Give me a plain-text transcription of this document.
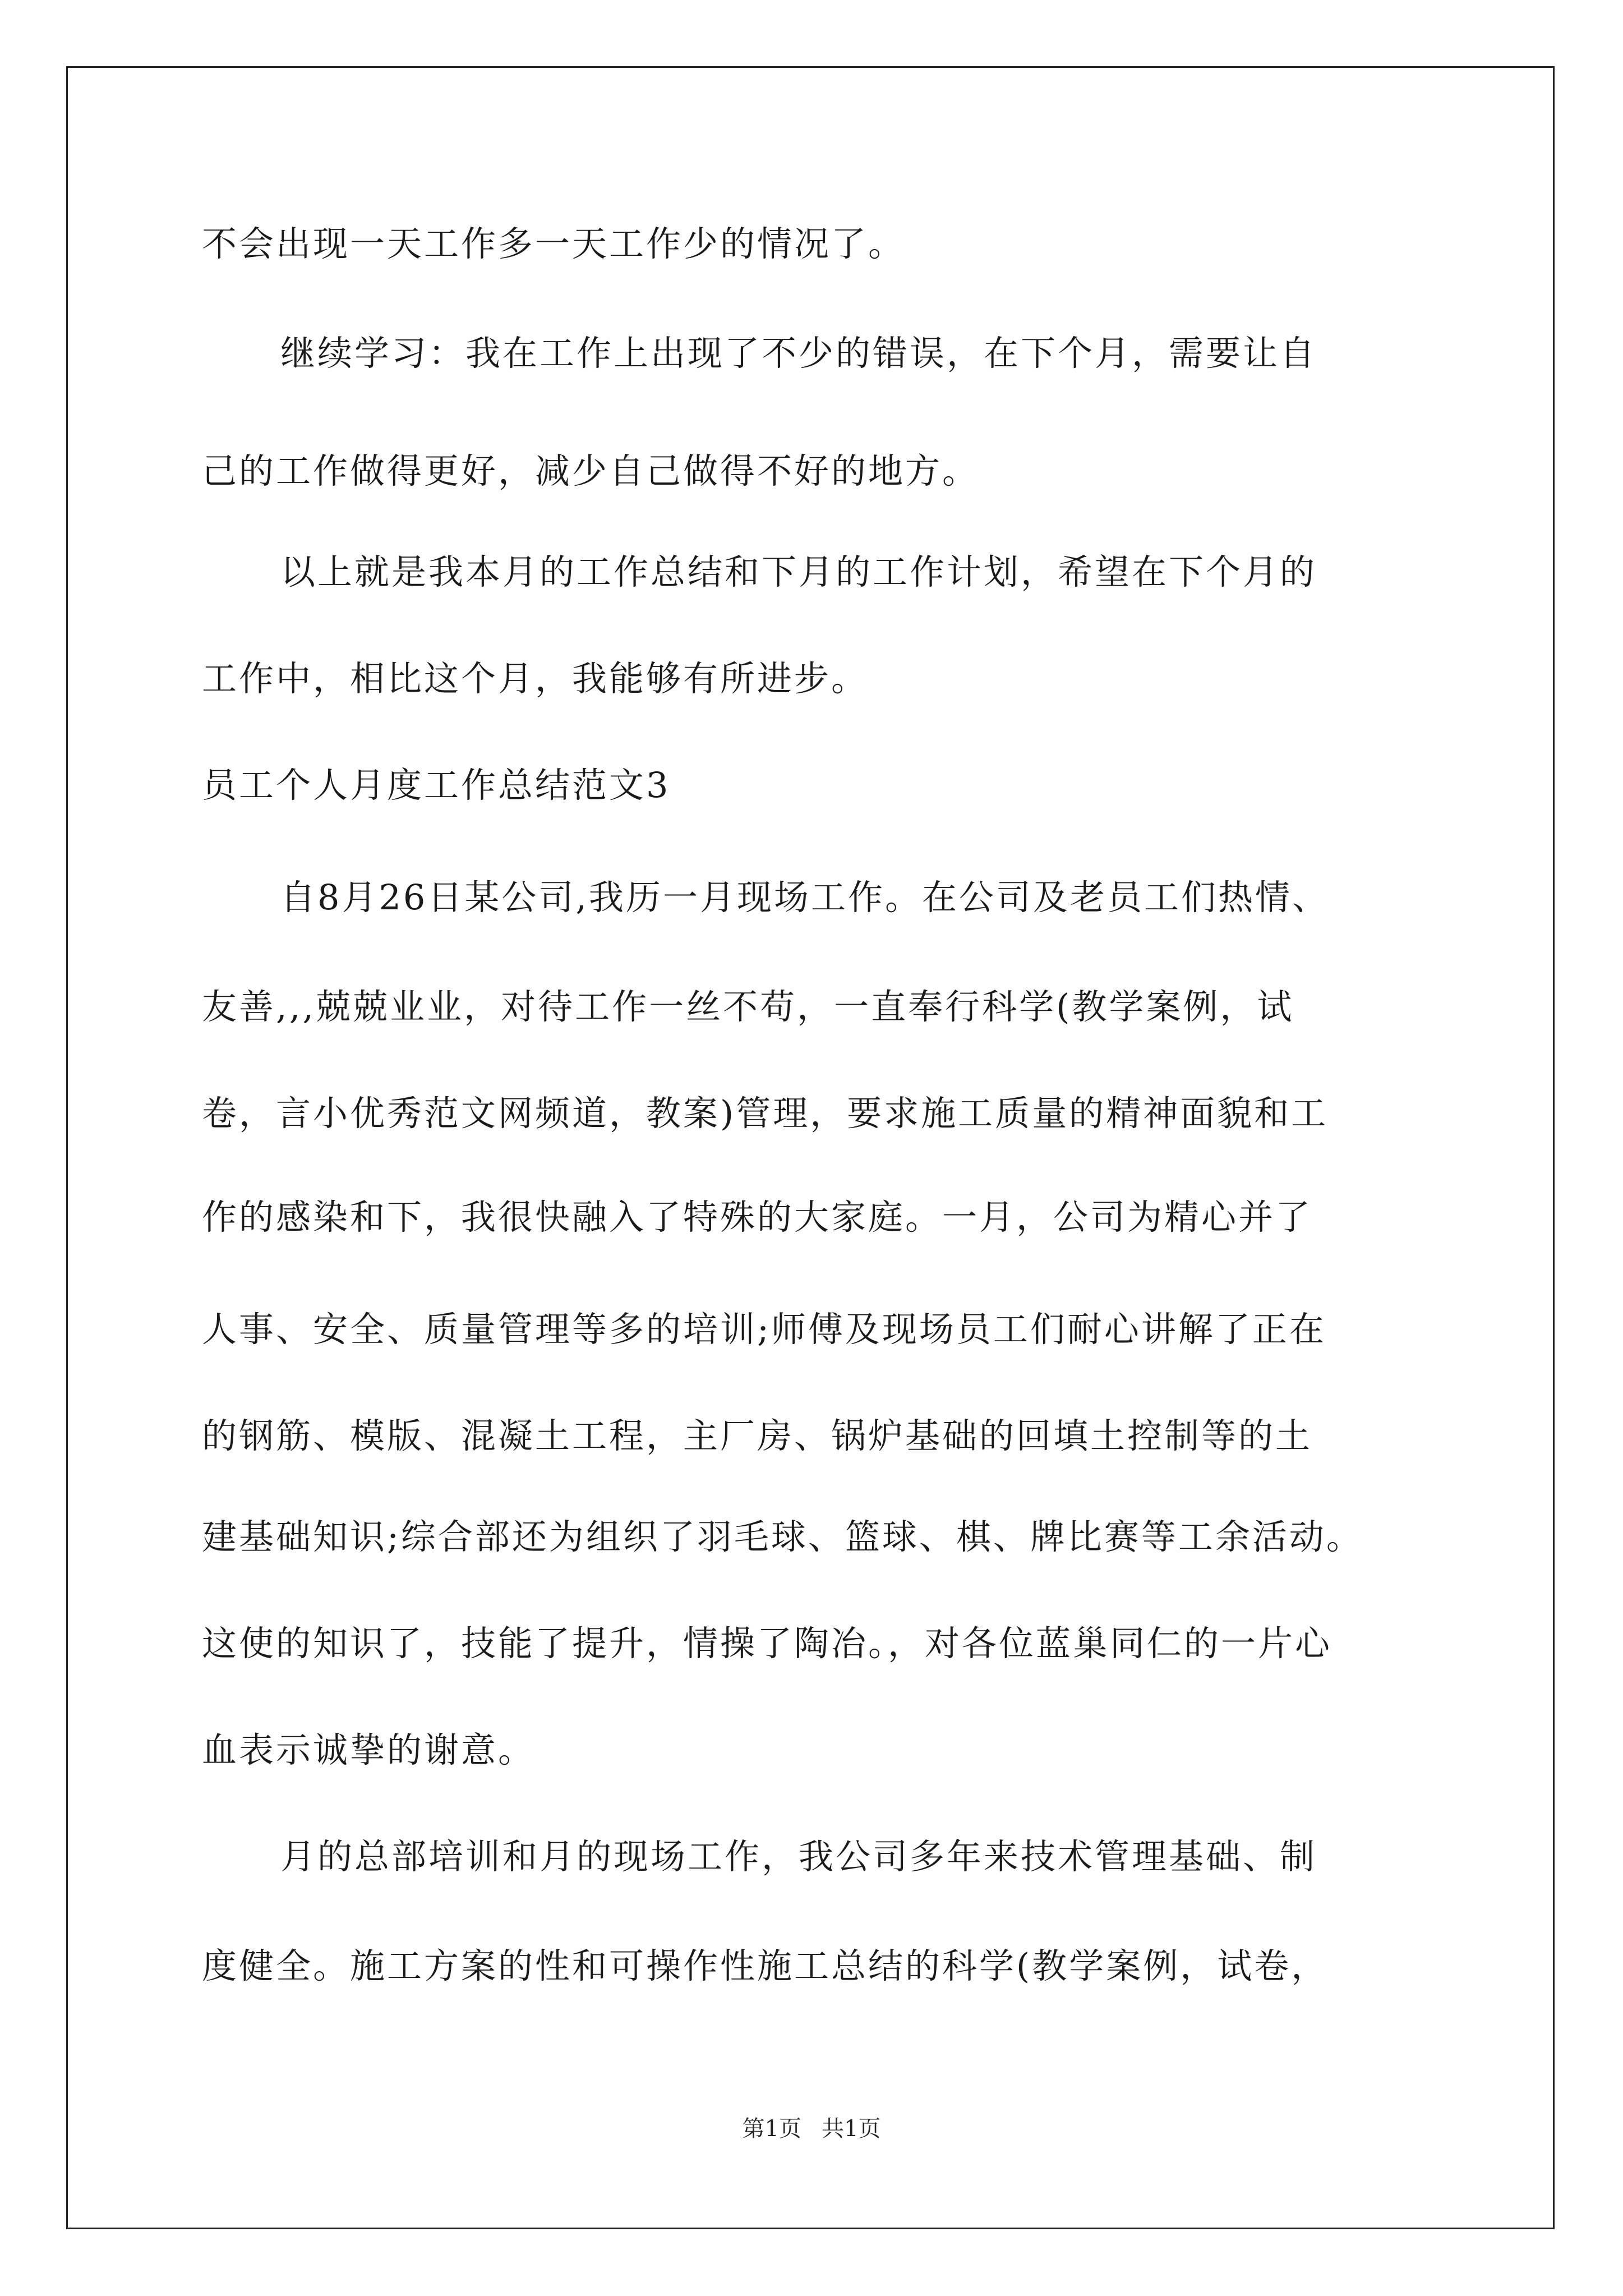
不会出现一天工作多一天工作少的情况了。

继续学习：我在工作上出现了不少的错误，在下个月，需要让自

己的工作做得更好，减少自己做得不好的地方。

以上就是我本月的工作总结和下月的工作计划，希望在下个月的

工作中，相比这个月，我能够有所进步。

员工个人月度工作总结范文3

自8月26日某公司,我历一月现场工作。在公司及老员工们热情、

友善,,,兢兢业业，对待工作一丝不苟，一直奉行科学(教学案例，试

卷，言小优秀范文网频道，教案)管理，要求施工质量的精神面貌和工

作的感染和下，我很快融入了特殊的大家庭。一月，公司为精心并了

人事、安全、质量管理等多的培训;师傅及现场员工们耐心讲解了正在

的钢筋、模版、混凝土工程，主厂房、锅炉基础的回填土控制等的土

建基础知识;综合部还为组织了羽毛球、篮球、棋、牌比赛等工余活动。

这使的知识了，技能了提升，情操了陶冶。，对各位蓝巢同仁的一片心

血表示诚挚的谢意。

月的总部培训和月的现场工作，我公司多年来技术管理基础、制

度健全。施工方案的性和可操作性施工总结的科学(教学案例，试卷，

第1页 共1页
